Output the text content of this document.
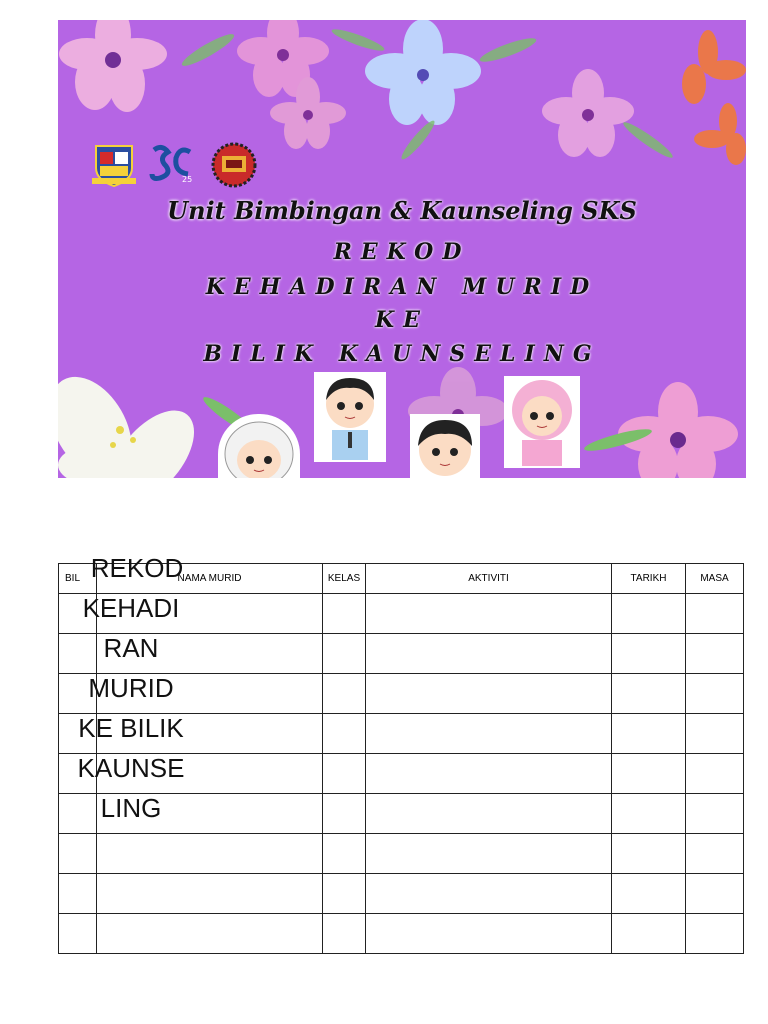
25
Unit Bimbingan & Kaunseling SKS
REKOD
KEHADIRAN MURID
KE
BILIK KAUNSELING
BIL	NAMA MURID	KELAS	AKTIVITI	TARIKH	MASA

REKOD
KEHADI
RAN
MURID
KE BILIK
KAUNSE
LING
